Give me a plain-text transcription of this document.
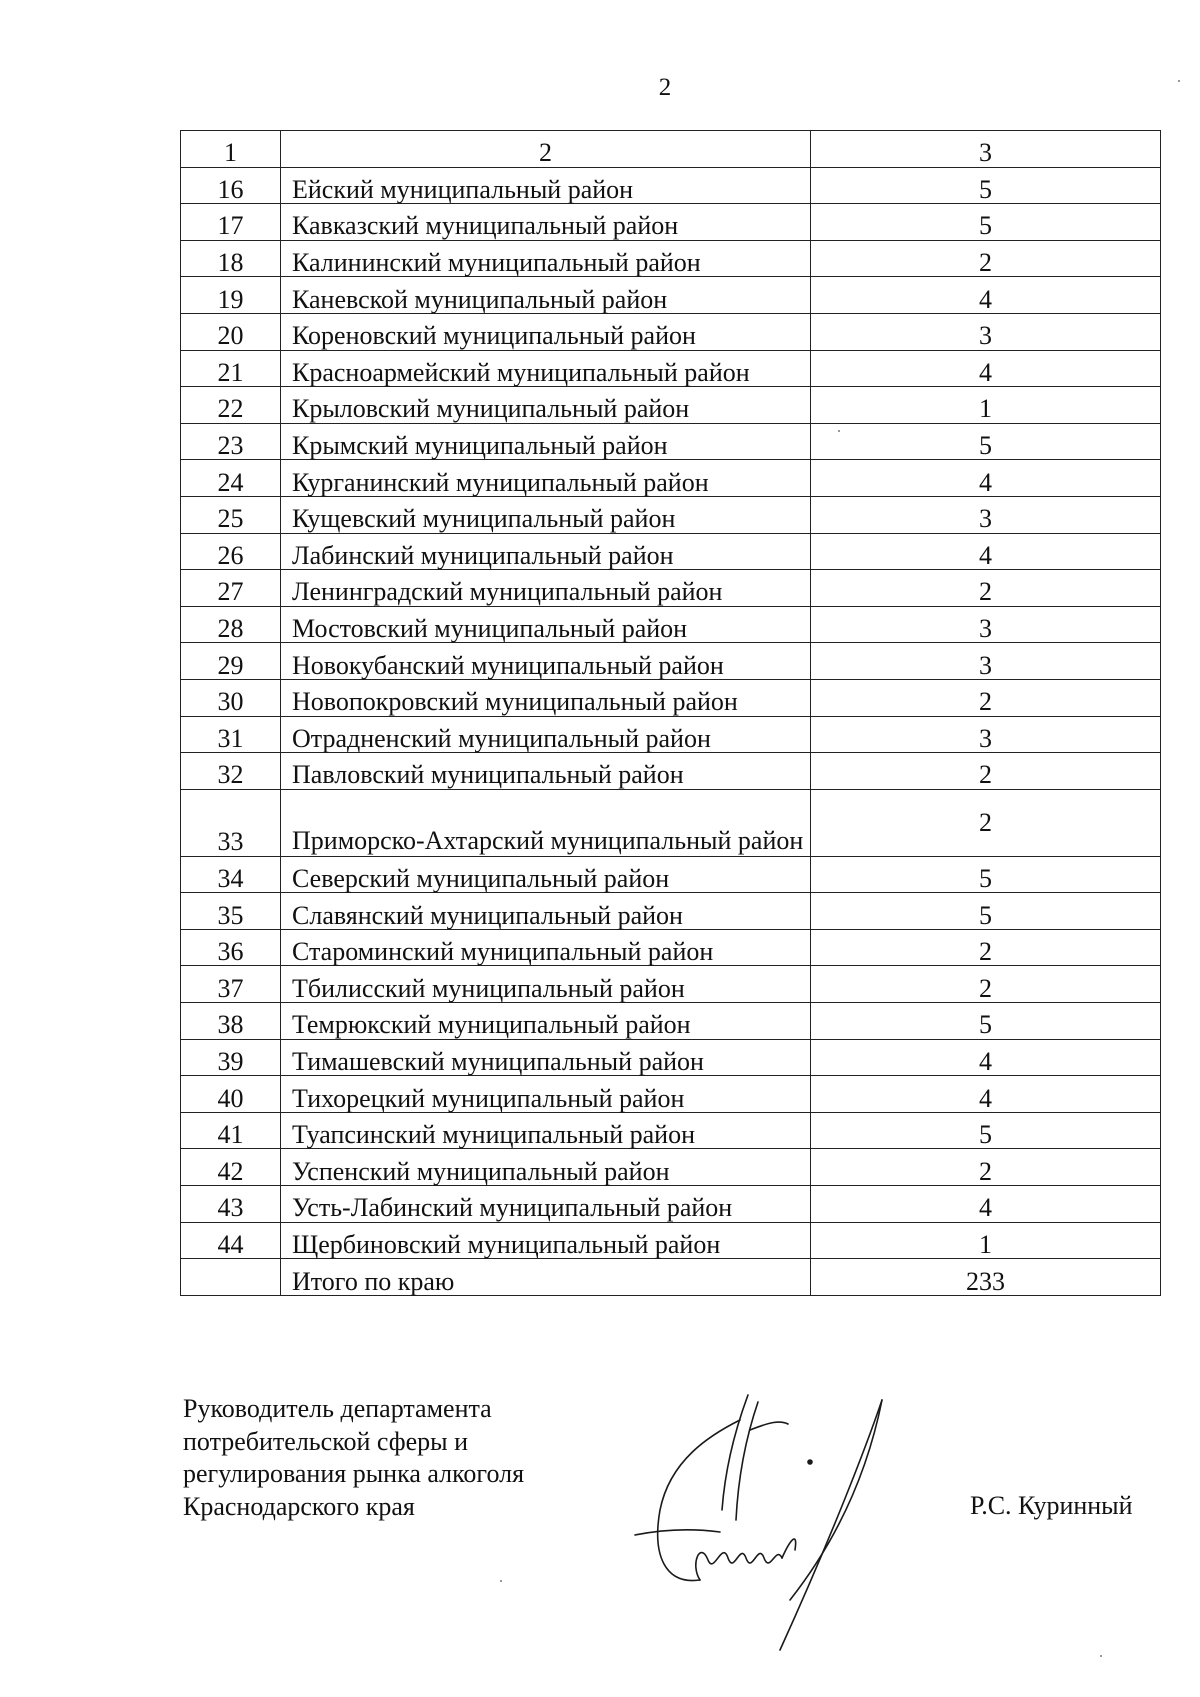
2
1	2	3
16	Ейский муниципальный район	5
17	Кавказский муниципальный район	5
18	Калининский муниципальный район	2
19	Каневской муниципальный район	4
20	Кореновский муниципальный район	3
21	Красноармейский муниципальный район	4
22	Крыловский муниципальный район	1
23	Крымский муниципальный район	5
24	Курганинский муниципальный район	4
25	Кущевский муниципальный район	3
26	Лабинский муниципальный район	4
27	Ленинградский муниципальный район	2
28	Мостовский муниципальный район	3
29	Новокубанский муниципальный район	3
30	Новопокровский муниципальный район	2
31	Отрадненский муниципальный район	3
32	Павловский муниципальный район	2
33	Приморско-Ахтарский муниципальный район	2
34	Северский муниципальный район	5
35	Славянский муниципальный район	5
36	Староминский муниципальный район	2
37	Тбилисский муниципальный район	2
38	Темрюкский муниципальный район	5
39	Тимашевский муниципальный район	4
40	Тихорецкий муниципальный район	4
41	Туапсинский муниципальный район	5
42	Успенский муниципальный район	2
43	Усть-Лабинский муниципальный район	4
44	Щербиновский муниципальный район	1
	Итого по краю	233
Руководитель департамента
потребительской сферы и
регулирования рынка алкоголя
Краснодарского края	Р.С. Куринный
